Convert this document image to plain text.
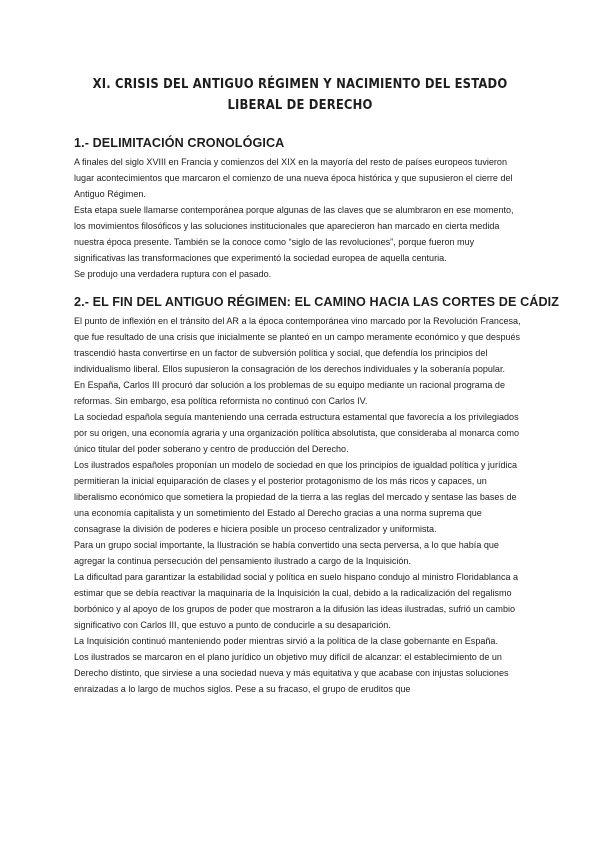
XI. CRISIS DEL ANTIGUO RÉGIMEN Y NACIMIENTO DEL ESTADO LIBERAL DE DERECHO
1.- DELIMITACIÓN CRONOLÓGICA

A finales del siglo XVIII en Francia y comienzos del XIX en la mayoría del resto de países europeos tuvieron lugar acontecimientos que marcaron el comienzo de una nueva época histórica y que supusieron el cierre del Antiguo Régimen.

Esta etapa suele llamarse contemporánea porque algunas de las claves que se alumbraron en ese momento, los movimientos filosóficos y las soluciones institucionales que aparecieron han marcado en cierta medida nuestra época presente. También se la conoce como “siglo de las revoluciones”, porque fueron muy significativas las transformaciones que experimentó la sociedad europea de aquella centuria.

Se produjo una verdadera ruptura con el pasado.

2.- EL FIN DEL ANTIGUO RÉGIMEN: EL CAMINO HACIA LAS CORTES DE CÁDIZ

El punto de inflexión en el tránsito del AR a la época contemporánea vino marcado por la Revolución Francesa, que fue resultado de una crisis que inicialmente se planteó en un campo meramente económico y que después trascendió hasta convertirse en un factor de subversión política y social, que defendía los principios del individualismo liberal. Ellos supusieron la consagración de los derechos individuales y la soberanía popular.

En España, Carlos III procuró dar solución a los problemas de su equipo mediante un racional programa de reformas. Sin embargo, esa política reformista no continuó con Carlos IV.

La sociedad española seguía manteniendo una cerrada estructura estamental que favorecía a los privilegiados por su origen, una economía agraria y una organización política absolutista, que consideraba al monarca como único titular del poder soberano y centro de producción del Derecho.

Los ilustrados españoles proponían un modelo de sociedad en que los principios de igualdad política y jurídica permitieran la inicial equiparación de clases y el posterior protagonismo de los más ricos y capaces, un liberalismo económico que sometiera la propiedad de la tierra a las reglas del mercado y sentase las bases de una economía capitalista y un sometimiento del Estado al Derecho gracias a una norma suprema que consagrase la división de poderes e hiciera posible un proceso centralizador y uniformista.

Para un grupo social importante, la Ilustración se había convertido una secta perversa, a lo que había que agregar la continua persecución del pensamiento ilustrado a cargo de la Inquisición.

La dificultad para garantizar la estabilidad social y política en suelo hispano condujo al ministro Floridablanca a estimar que se debía reactivar la maquinaria de la Inquisición la cual, debido a la radicalización del regalismo borbónico y al apoyo de los grupos de poder que mostraron a la difusión las ideas ilustradas, sufrió un cambio significativo con Carlos III, que estuvo a punto de conducirle a su desaparición.

La Inquisición continuó manteniendo poder mientras sirvió a la política de la clase gobernante en España.

Los ilustrados se marcaron en el plano jurídico un objetivo muy difícil de alcanzar: el establecimiento de un Derecho distinto, que sirviese a una sociedad nueva y más equitativa y que acabase con injustas soluciones enraizadas a lo largo de muchos siglos. Pese a su fracaso, el grupo de eruditos que
